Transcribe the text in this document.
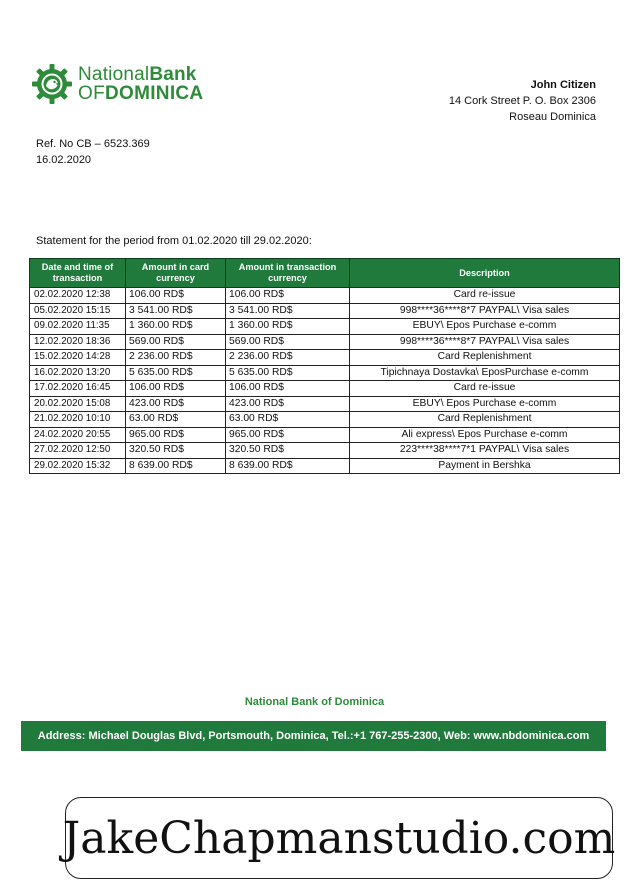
NationalBank
OFDOMINICA	John Citizen
14 Cork Street P. O. Box 2306
Roseau Dominica
Ref. No CB – 6523.369
16.02.2020
Statement for the period from 01.02.2020 till 29.02.2020:
Date and time of transaction	Amount in card currency	Amount in transaction currency	Description
02.02.2020 12:38	106.00 RD$	106.00 RD$	Card re-issue
05.02.2020 15:15	3 541.00 RD$	3 541.00 RD$	998****36****8*7 PAYPAL\ Visa sales
09.02.2020 11:35	1 360.00 RD$	1 360.00 RD$	EBUY\ Epos Purchase e-comm
12.02.2020 18:36	569.00 RD$	569.00 RD$	998****36****8*7 PAYPAL\ Visa sales
15.02.2020 14:28	2 236.00 RD$	2 236.00 RD$	Card Replenishment
16.02.2020 13:20	5 635.00 RD$	5 635.00 RD$	Tipichnaya Dostavka\ EposPurchase e-comm
17.02.2020 16:45	106.00 RD$	106.00 RD$	Card re-issue
20.02.2020 15:08	423.00 RD$	423.00 RD$	EBUY\ Epos Purchase e-comm
21.02.2020 10:10	63.00 RD$	63.00 RD$	Card Replenishment
24.02.2020 20:55	965.00 RD$	965.00 RD$	Ali express\ Epos Purchase e-comm
27.02.2020 12:50	320.50 RD$	320.50 RD$	223****38****7*1 PAYPAL\ Visa sales
29.02.2020 15:32	8 639.00 RD$	8 639.00 RD$	Payment in Bershka
National Bank of Dominica
Address: Michael Douglas Blvd, Portsmouth, Dominica, Tel.:+1 767-255-2300, Web: www.nbdominica.com
JakeChapmanstudio.com
